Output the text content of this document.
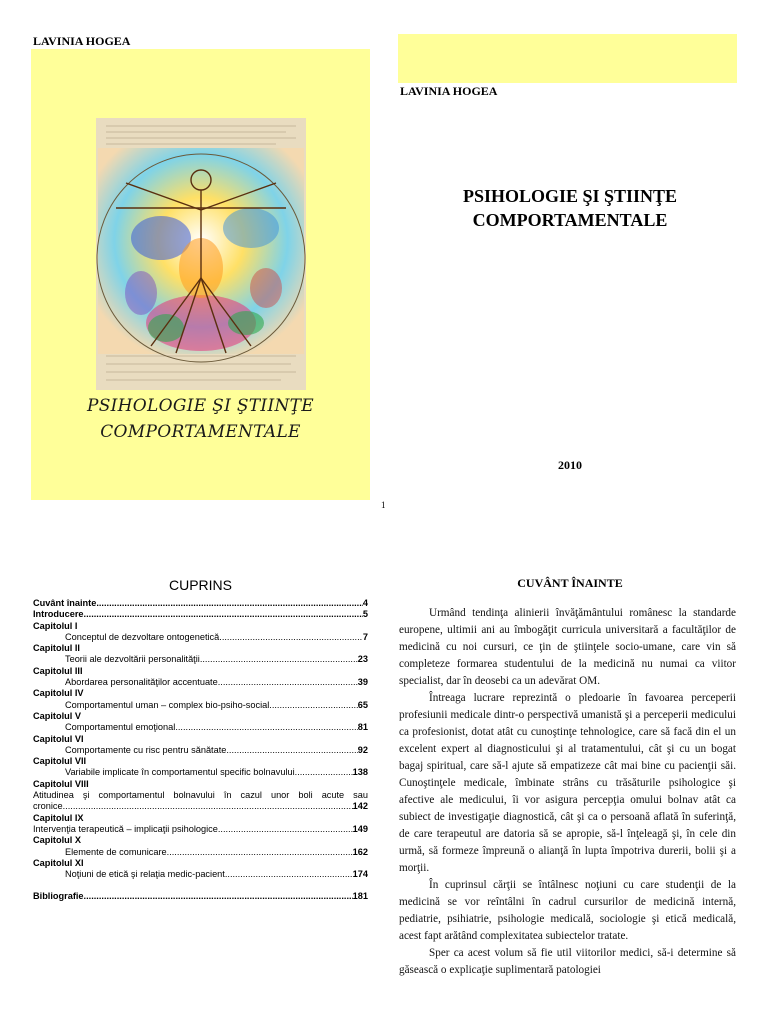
LAVINIA HOGEA
PSIHOLOGIE ŞI ŞTIINŢE
COMPORTAMENTALE
LAVINIA HOGEA
PSIHOLOGIE ŞI ŞTIINŢE
COMPORTAMENTALE
2010
1
CUPRINS
Cuvânt înainte .....	4
Introducere .....	5
Capitolul I
Conceptul de dezvoltare ontogenetică .....	7
Capitolul II
Teorii ale dezvoltării personalităţii .....	23
Capitolul III
Abordarea personalităţilor accentuate .....	39
Capitolul IV
Comportamentul uman – complex bio-psiho-social .....	65
Capitolul V
Comportamentul emoţional .....	81
Capitolul VI
Comportamente cu risc pentru sănătate .....	92
Capitolul VII
Variabile implicate în comportamentul specific bolnavului .....	138
Capitolul VIII
Atitudinea şi comportamentul bolnavului în cazul unor boli acute sau
cronice .....	142
Capitolul IX
Intervenţia terapeutică – implicaţii psihologice .....	149
Capitolul X
Elemente de comunicare .....	162
Capitolul XI
Noţiuni de etică şi relaţia medic-pacient .....	174
Bibliografie .....	181
CUVÂNT ÎNAINTE

Urmând tendinţa alinierii învăţământului românesc la standarde europene, ultimii ani au îmbogăţit curricula universitară a facultăţilor de medicină cu noi cursuri, ce ţin de ştiinţele socio-umane, care vin să completeze formarea studentului de la medicină nu numai ca viitor specialist, dar în deosebi ca un adevărat OM.

Întreaga lucrare reprezintă o pledoarie în favoarea perceperii profesiunii medicale dintr-o perspectivă umanistă şi a perceperii medicului ca profesionist, dotat atât cu cunoştinţe tehnologice, care să facă din el un excelent expert al diagnosticului şi al tratamentului, cât şi cu un bogat bagaj spiritual, care să-l ajute să empatizeze cât mai bine cu pacienţii săi. Cunoştinţele medicale, îmbinate strâns cu trăsăturile psihologice şi afective ale medicului, îi vor asigura percepţia omului bolnav atât ca subiect de investigaţie diagnostică, cât şi ca o persoană aflată în suferinţă, de care terapeutul are datoria să se apropie, să-l înţeleagă şi, în cele din urmă, să formeze împreună o alianţă în lupta împotriva durerii, bolii şi a morţii.

În cuprinsul cărţii se întâlnesc noţiuni cu care studenţii de la medicină se vor reîntâlni în cadrul cursurilor de medicină internă, pediatrie, psihiatrie, psihologie medicală, sociologie şi etică medicală, acest fapt arătând complexitatea subiectelor tratate.

Sper ca acest volum să fie util viitorilor medici, să-i determine să găsească o explicaţie suplimentară patologiei
